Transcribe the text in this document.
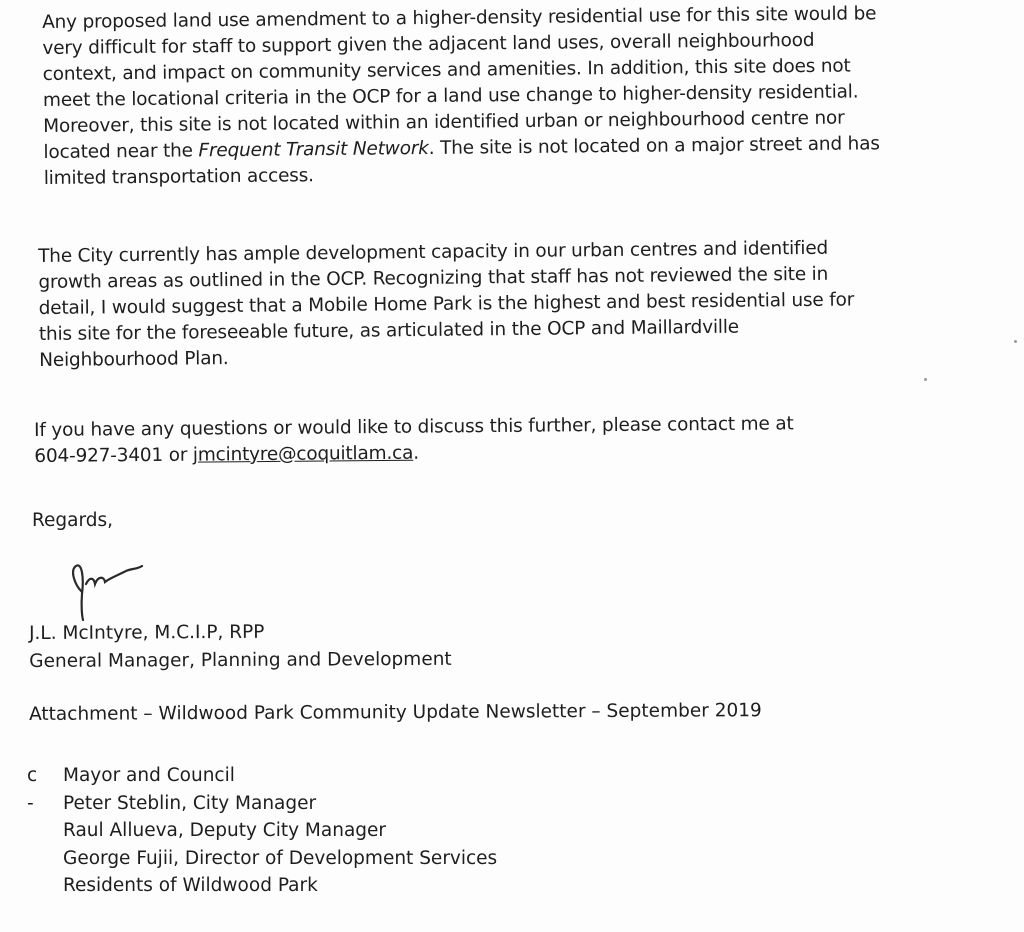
Any proposed land use amendment to a higher-density residential use for this site would be
very difficult for staff to support given the adjacent land uses, overall neighbourhood
context, and impact on community services and amenities. In addition, this site does not
meet the locational criteria in the OCP for a land use change to higher-density residential.
Moreover, this site is not located within an identified urban or neighbourhood centre nor
located near the Frequent Transit Network. The site is not located on a major street and has
limited transportation access.
The City currently has ample development capacity in our urban centres and identified
growth areas as outlined in the OCP. Recognizing that staff has not reviewed the site in
detail, I would suggest that a Mobile Home Park is the highest and best residential use for
this site for the foreseeable future, as articulated in the OCP and Maillardville
Neighbourhood Plan.
If you have any questions or would like to discuss this further, please contact me at
604-927-3401 or jmcintyre@coquitlam.ca.
Regards,
J.L. McIntyre, M.C.I.P, RPP
General Manager, Planning and Development
Attachment – Wildwood Park Community Update Newsletter – September 2019
c -
Mayor and Council
Peter Steblin, City Manager
Raul Allueva, Deputy City Manager
George Fujii, Director of Development Services
Residents of Wildwood Park
